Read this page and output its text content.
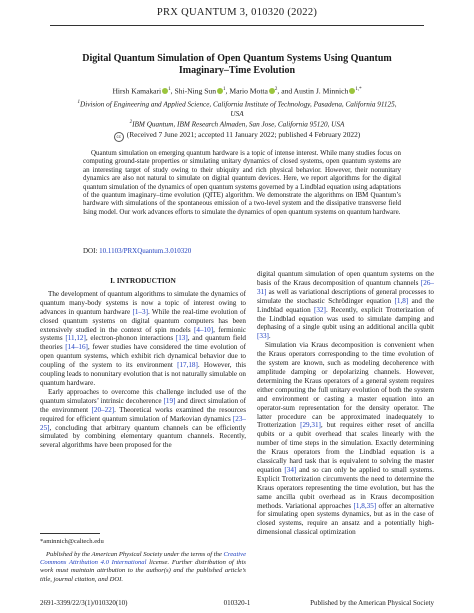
PRX QUANTUM 3, 010320 (2022)
Digital Quantum Simulation of Open Quantum Systems Using Quantum
Imaginary–Time Evolution
Hirsh Kamakari $^1$, Shi-Ning Sun $^1$, Mario Motta $^2$, and Austin J. Minnich $^{1,*}$
$^1$Division of Engineering and Applied Science, California Institute of Technology, Pasadena, California 91125,
USA
$^2$IBM Quantum, IBM Research Almaden, San Jose, California 95120, USA
cc (Received 7 June 2021; accepted 11 January 2022; published 4 February 2022)
Quantum simulation on emerging quantum hardware is a topic of intense interest. While many studies focus on computing ground-state properties or simulating unitary dynamics of closed systems, open quantum systems are an interesting target of study owing to their ubiquity and rich physical behavior. However, their nonunitary dynamics are also not natural to simulate on digital quantum devices. Here, we report algorithms for the digital quantum simulation of the dynamics of open quantum systems governed by a Lindblad equation using adaptations of the quantum imaginary–time evolution (QITE) algorithm. We demonstrate the algorithms on IBM Quantum’s hardware with simulations of the spontaneous emission of a two-level system and the dissipative transverse field Ising model. Our work advances efforts to simulate the dynamics of open quantum systems on quantum hardware.
DOI: 10.1103/PRXQuantum.3.010320
I. INTRODUCTION

The development of quantum algorithms to simulate the dynamics of quantum many-body systems is now a topic of interest owing to advances in quantum hardware [1–3]. While the real-time evolution of closed quantum systems on digital quantum computers has been extensively studied in the context of spin models [4–10], fermionic systems [11,12], electron-phonon interactions [13], and quantum field theories [14–16], fewer studies have considered the time evolution of open quantum systems, which exhibit rich dynamical behavior due to coupling of the system to its environment [17,18]. However, this coupling leads to nonunitary evolution that is not naturally simulable on quantum hardware.

Early approaches to overcome this challenge included use of the quantum simulators’ intrinsic decoherence [19] and direct simulation of the environment [20–22]. Theoretical works examined the resources required for efficient quantum simulation of Markovian dynamics [23–25], concluding that arbitrary quantum channels can be efficiently simulated by combining elementary quantum channels. Recently, several algorithms have been proposed for the

digital quantum simulation of open quantum systems on the basis of the Kraus decomposition of quantum channels [26–31] as well as variational descriptions of general processes to simulate the stochastic Schrödinger equation [1,8] and the Lindblad equation [32]. Recently, explicit Trotterization of the Lindblad equation was used to simulate damping and dephasing of a single qubit using an additional ancilla qubit [33].

Simulation via Kraus decomposition is convenient when the Kraus operators corresponding to the time evolution of the system are known, such as modeling decoherence with amplitude damping or depolarizing channels. However, determining the Kraus operators of a general system requires either computing the full unitary evolution of both the system and environment or casting a master equation into an operator-sum representation for the density operator. The latter procedure can be approximated inadequately to Trotterization [29,31], but requires either reset of ancilla qubits or a qubit overhead that scales linearly with the number of time steps in the simulation. Exactly determining the Kraus operators from the Lindblad equation is a classically hard task that is equivalent to solving the master equation [34] and so can only be applied to small systems. Explicit Trotterization circumvents the need to determine the Kraus operators representing the time evolution, but has the same ancilla qubit overhead as in Kraus decomposition methods. Variational approaches [1,8,35] offer an alternative for simulating open systems dynamics, but as in the case of closed systems, require an ansatz and a potentially high-dimensional classical optimization

*aminnich@caltech.edu
Published by the American Physical Society under the terms of the Creative Commons Attribution 4.0 International license. Further distribution of this work must maintain attribution to the author(s) and the published article’s title, journal citation, and DOI.
2691-3399/22/3(1)/010320(10)	010320-1	Published by the American Physical Society
